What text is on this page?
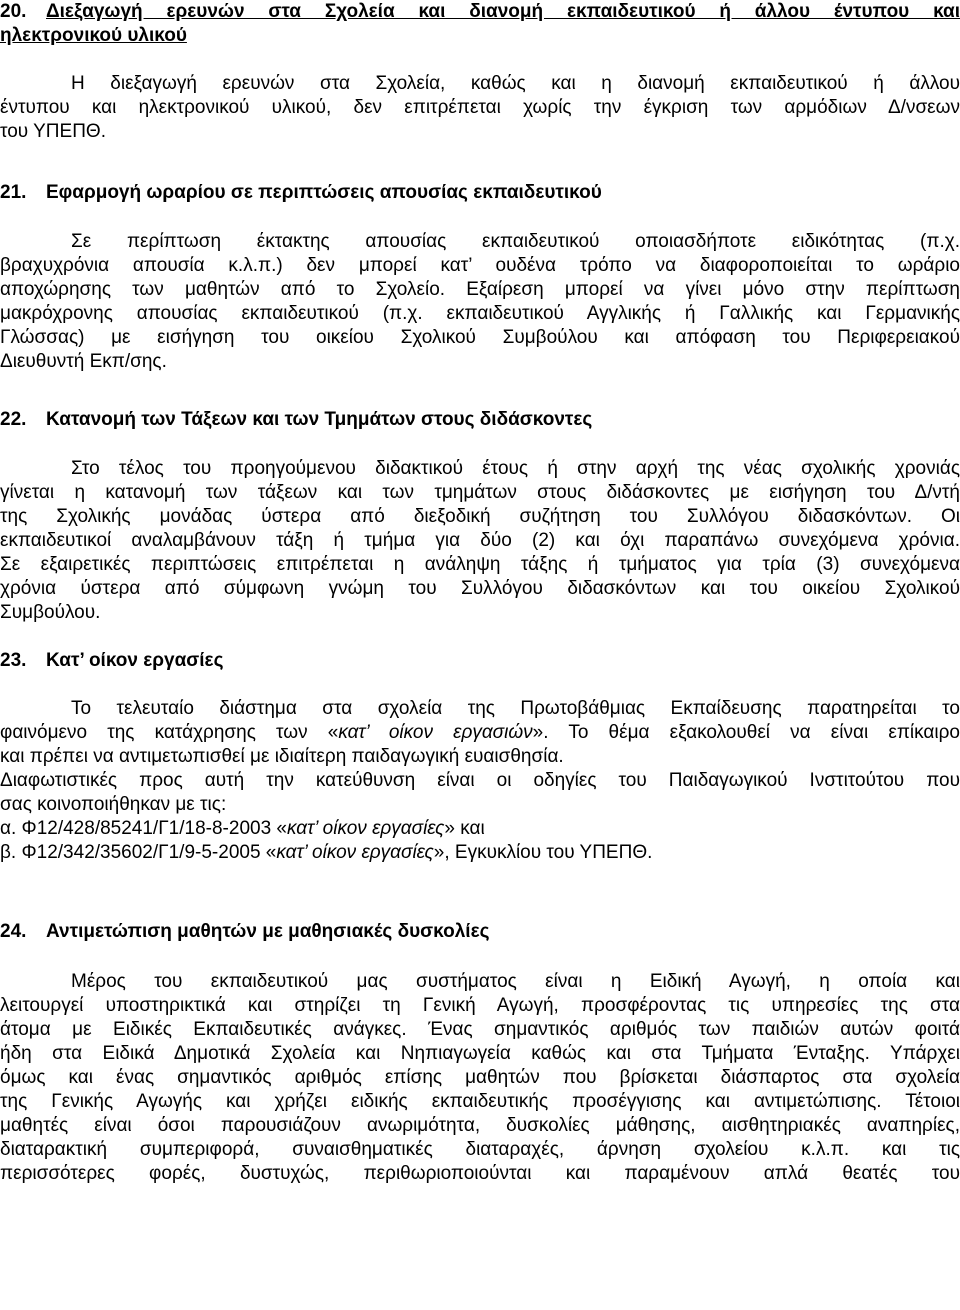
20. Διεξαγωγή ερευνών στα Σχολεία και διανομή εκπαιδευτικού ή άλλου έντυπου και
ηλεκτρονικού υλικού
Η διεξαγωγή ερευνών στα Σχολεία, καθώς και η διανομή εκπαιδευτικού ή άλλου
έντυπου και ηλεκτρονικού υλικού, δεν επιτρέπεται χωρίς την έγκριση των αρμόδιων Δ/νσεων
του ΥΠΕΠΘ.
21. Εφαρμογή ωραρίου σε περιπτώσεις απουσίας εκπαιδευτικού
Σε περίπτωση έκτακτης απουσίας εκπαιδευτικού οποιασδήποτε ειδικότητας (π.χ.
βραχυχρόνια απουσία κ.λ.π.) δεν μπορεί κατ’ ουδένα τρόπο να διαφοροποιείται το ωράριο
αποχώρησης των μαθητών από το Σχολείο. Εξαίρεση μπορεί να γίνει μόνο στην περίπτωση
μακρόχρονης απουσίας εκπαιδευτικού (π.χ. εκπαιδευτικού Αγγλικής ή Γαλλικής και Γερμανικής
Γλώσσας) με εισήγηση του οικείου Σχολικού Συμβούλου και απόφαση του Περιφερειακού
Διευθυντή Εκπ/σης.
22. Κατανομή των Τάξεων και των Τμημάτων στους διδάσκοντες
Στο τέλος του προηγούμενου διδακτικού έτους ή στην αρχή της νέας σχολικής χρονιάς
γίνεται η κατανομή των τάξεων και των τμημάτων στους διδάσκοντες με εισήγηση του Δ/ντή
της Σχολικής μονάδας ύστερα από διεξοδική συζήτηση του Συλλόγου διδασκόντων. Οι
εκπαιδευτικοί αναλαμβάνουν τάξη ή τμήμα για δύο (2) και όχι παραπάνω συνεχόμενα χρόνια.
Σε εξαιρετικές περιπτώσεις επιτρέπεται η ανάληψη τάξης ή τμήματος για τρία (3) συνεχόμενα
χρόνια ύστερα από σύμφωνη γνώμη του Συλλόγου διδασκόντων και του οικείου Σχολικού
Συμβούλου.
23. Κατ’ οίκον εργασίες
Το τελευταίο διάστημα στα σχολεία της Πρωτοβάθμιας Εκπαίδευσης παρατηρείται το
φαινόμενο της κατάχρησης των «κατ’ οίκον εργασιών». Το θέμα εξακολουθεί να είναι επίκαιρο
και πρέπει να αντιμετωπισθεί με ιδιαίτερη παιδαγωγική ευαισθησία.
Διαφωτιστικές προς αυτή την κατεύθυνση είναι οι οδηγίες του Παιδαγωγικού Ινστιτούτου που
σας κοινοποιήθηκαν με τις:
α. Φ12/428/85241/Γ1/18-8-2003 «κατ’ οίκον εργασίες» και
β. Φ12/342/35602/Γ1/9-5-2005 «κατ’ οίκον εργασίες», Εγκυκλίου του ΥΠΕΠΘ.
24. Αντιμετώπιση μαθητών με μαθησιακές δυσκολίες
Μέρος του εκπαιδευτικού μας συστήματος είναι η Ειδική Αγωγή, η οποία και
λειτουργεί υποστηρικτικά και στηρίζει τη Γενική Αγωγή, προσφέροντας τις υπηρεσίες της στα
άτομα με Ειδικές Εκπαιδευτικές ανάγκες. Ένας σημαντικός αριθμός των παιδιών αυτών φοιτά
ήδη στα Ειδικά Δημοτικά Σχολεία και Νηπιαγωγεία καθώς και στα Τμήματα Ένταξης. Υπάρχει
όμως και ένας σημαντικός αριθμός επίσης μαθητών που βρίσκεται διάσπαρτος στα σχολεία
της Γενικής Αγωγής και χρήζει ειδικής εκπαιδευτικής προσέγγισης και αντιμετώπισης. Τέτοιοι
μαθητές είναι όσοι παρουσιάζουν ανωριμότητα, δυσκολίες μάθησης, αισθητηριακές αναπηρίες,
διαταρακτική συμπεριφορά, συναισθηματικές διαταραχές, άρνηση σχολείου κ.λ.π. και τις
περισσότερες φορές, δυστυχώς, περιθωριοποιούνται και παραμένουν απλά θεατές του
